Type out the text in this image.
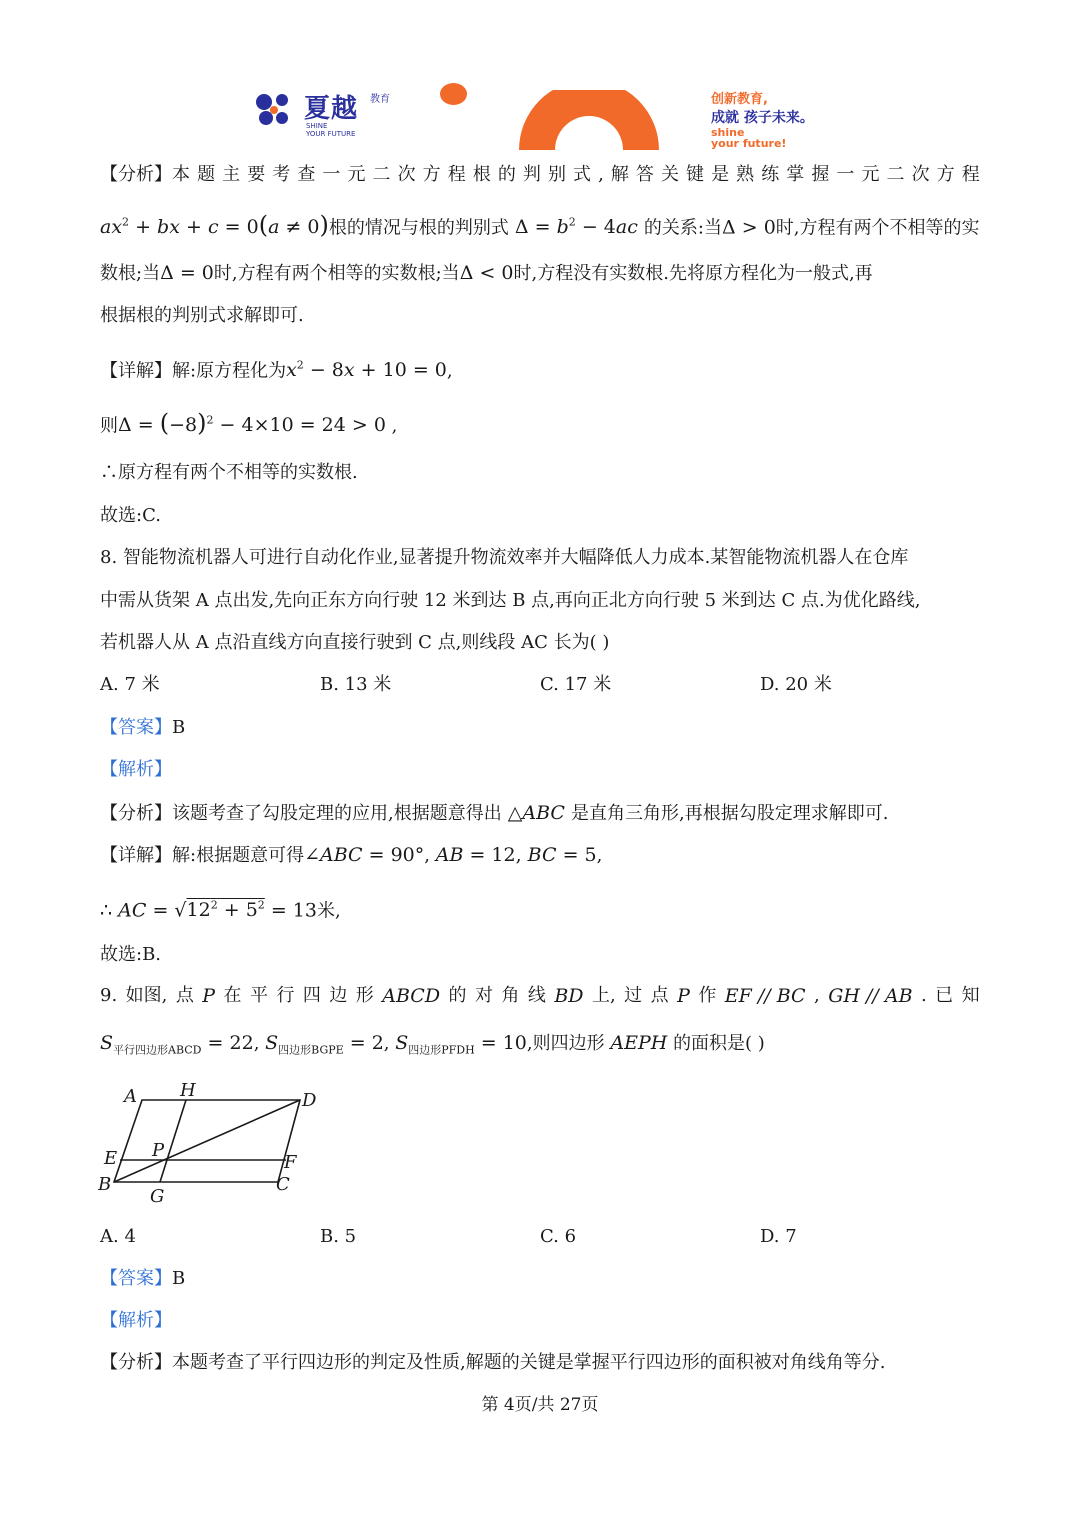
夏越 教育
SHINE
YOUR FUTURE
创新教育,
成就 孩子未来。
shine
your future!
【分析】 本 题 主 要 考 查 一 元 二 次 方 程 根 的 判 别 式 , 解 答 关 键 是 熟 练 掌 握 一 元 二 次 方 程
$ax^2$ + bx + c = 0(a ≠ 0)根的情况与根的判别式 $\Delta = b^2 - 4ac$ 的关系:当Δ > 0时,方程有两个不相等的实
数根;当Δ = 0时,方程有两个相等的实数根;当Δ < 0时,方程没有实数根.先将原方程化为一般式,再
根据根的判别式求解即可.
【详解】解:原方程化为$x^2 - 8x + 10 = 0$,
则$\Delta = (-8)^2 - 4\times 10 = 24 > 0$ ,
∴原方程有两个不相等的实数根.
故选:C.
8. 智能物流机器人可进行自动化作业,显著提升物流效率并大幅降低人力成本.某智能物流机器人在仓库
中需从货架 A 点出发,先向正东方向行驶 12 米到达 B 点,再向正北方向行驶 5 米到达 C 点.为优化路线,
若机器人从 A 点沿直线方向直接行驶到 C 点,则线段 AC 长为( )
A. 7 米	B. 13 米	C. 17 米	D. 20 米
【答案】B
【解析】
【分析】该题考查了勾股定理的应用,根据题意得出 △ABC 是直角三角形,再根据勾股定理求解即可.
【详解】解:根据题意可得∠ABC = 90°, AB = 12, BC = 5,
∴ AC = $√12^2 + 5^2 = 13$米,
故选:B.
9. 如图, 点 P 在 平 行 四 边 形 ABCD 的 对 角 线 BD 上, 过 点 P 作 EF // BC , GH // AB . 已 知
$S_{平行四边形ABCD} = 22$, $S_{四边形BGPE} = 2$, $S_{四边形PFDH} = 10$,则四边形 AEPH 的面积是( )
A H	D
E P
F
B
G
C
A. 4	B. 5	C. 6	D. 7
【答案】B
【解析】
【分析】本题考查了平行四边形的判定及性质,解题的关键是掌握平行四边形的面积被对角线角等分.
第 4页/共 27页
